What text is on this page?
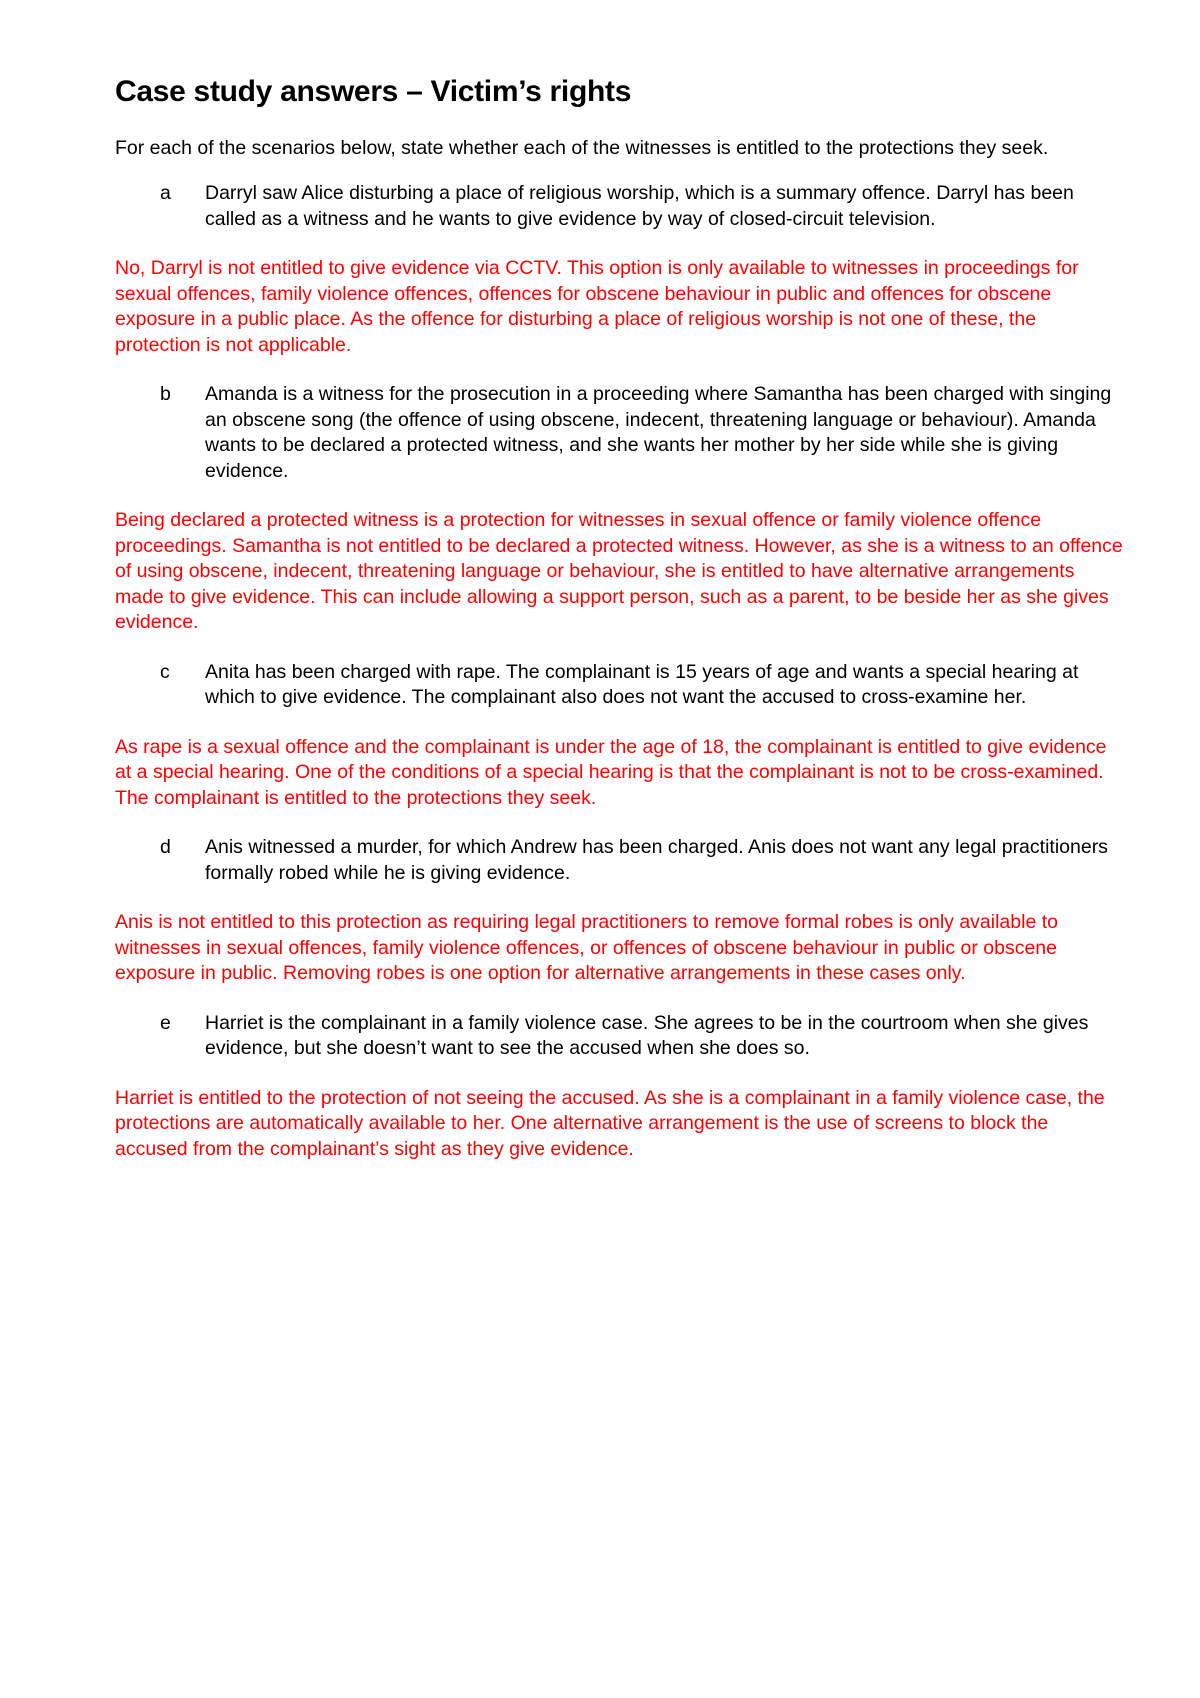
Case study answers – Victim’s rights

For each of the scenarios below, state whether each of the witnesses is entitled to the protections they seek.

a	Darryl saw Alice disturbing a place of religious worship, which is a summary offence. Darryl has been called as a witness and he wants to give evidence by way of closed-circuit television.

No, Darryl is not entitled to give evidence via CCTV. This option is only available to witnesses in proceedings for sexual offences, family violence offences, offences for obscene behaviour in public and offences for obscene exposure in a public place. As the offence for disturbing a place of religious worship is not one of these, the protection is not applicable.

b	Amanda is a witness for the prosecution in a proceeding where Samantha has been charged with singing an obscene song (the offence of using obscene, indecent, threatening language or behaviour). Amanda wants to be declared a protected witness, and she wants her mother by her side while she is giving evidence.

Being declared a protected witness is a protection for witnesses in sexual offence or family violence offence proceedings. Samantha is not entitled to be declared a protected witness. However, as she is a witness to an offence of using obscene, indecent, threatening language or behaviour, she is entitled to have alternative arrangements made to give evidence. This can include allowing a support person, such as a parent, to be beside her as she gives evidence.

c	Anita has been charged with rape. The complainant is 15 years of age and wants a special hearing at which to give evidence. The complainant also does not want the accused to cross-examine her.

As rape is a sexual offence and the complainant is under the age of 18, the complainant is entitled to give evidence at a special hearing. One of the conditions of a special hearing is that the complainant is not to be cross-examined. The complainant is entitled to the protections they seek.

d	Anis witnessed a murder, for which Andrew has been charged. Anis does not want any legal practitioners formally robed while he is giving evidence.

Anis is not entitled to this protection as requiring legal practitioners to remove formal robes is only available to witnesses in sexual offences, family violence offences, or offences of obscene behaviour in public or obscene exposure in public. Removing robes is one option for alternative arrangements in these cases only.

e	Harriet is the complainant in a family violence case. She agrees to be in the courtroom when she gives evidence, but she doesn’t want to see the accused when she does so.

Harriet is entitled to the protection of not seeing the accused. As she is a complainant in a family violence case, the protections are automatically available to her. One alternative arrangement is the use of screens to block the accused from the complainant’s sight as they give evidence.
